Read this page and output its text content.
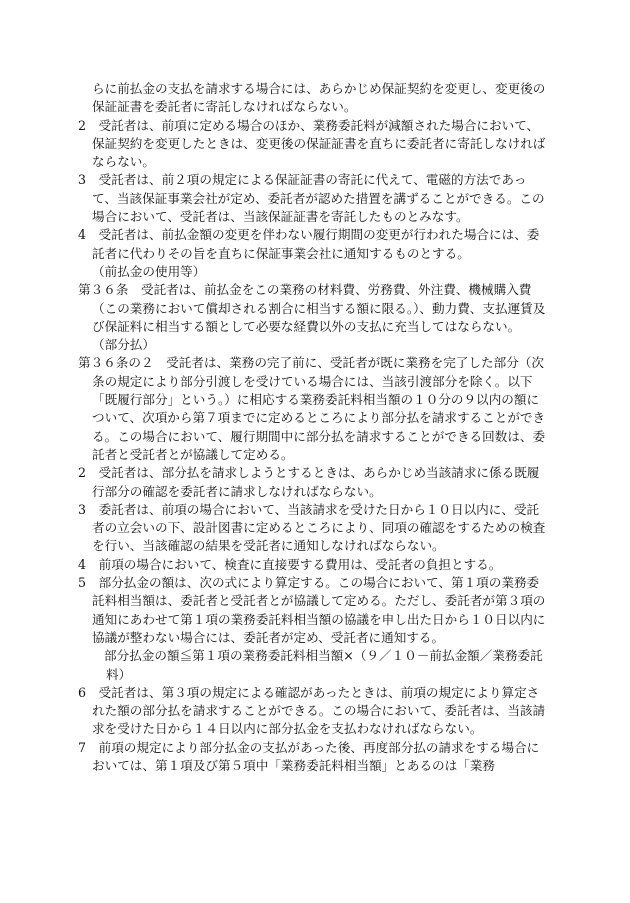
らに前払金の支払を請求する場合には、あらかじめ保証契約を変更し、変更後の保証証書を委託者に寄託しなければならない。
2　受託者は、前項に定める場合のほか、業務委託料が減額された場合において、保証契約を変更したときは、変更後の保証証書を直ちに委託者に寄託しなければならない。
3　受託者は、前２項の規定による保証証書の寄託に代えて、電磁的方法であって、当該保証事業会社が定め、委託者が認めた措置を講ずることができる。この場合において、受託者は、当該保証証書を寄託したものとみなす。
4　受託者は、前払金額の変更を伴わない履行期間の変更が行われた場合には、委託者に代わりその旨を直ちに保証事業会社に通知するものとする。
（前払金の使用等）
第３６条　受託者は、前払金をこの業務の材料費、労務費、外注費、機械購入費（この業務において償却される割合に相当する額に限る。）、動力費、支払運賃及び保証料に相当する額として必要な経費以外の支払に充当してはならない。
（部分払）
第３６条の２　受託者は、業務の完了前に、受託者が既に業務を完了した部分（次条の規定により部分引渡しを受けている場合には、当該引渡部分を除く。以下「既履行部分」という。）に相応する業務委託料相当額の１０分の９以内の額について、次項から第７項までに定めるところにより部分払を請求することができる。この場合において、履行期間中に部分払を請求することができる回数は、委託者と受託者とが協議して定める。
2　受託者は、部分払を請求しようとするときは、あらかじめ当該請求に係る既履行部分の確認を委託者に請求しなければならない。
3　委託者は、前項の場合において、当該請求を受けた日から１０日以内に、受託者の立会いの下、設計図書に定めるところにより、同項の確認をするための検査を行い、当該確認の結果を受託者に通知しなければならない。
4　前項の場合において、検査に直接要する費用は、受託者の負担とする。
5　部分払金の額は、次の式により算定する。この場合において、第１項の業務委託料相当額は、委託者と受託者とが協議して定める。ただし、委託者が第３項の通知にあわせて第１項の業務委託料相当額の協議を申し出た日から１０日以内に協議が整わない場合には、委託者が定め、受託者に通知する。
部分払金の額≦第１項の業務委託料相当額×（９／１０－前払金額／業務委託料）
6　受託者は、第３項の規定による確認があったときは、前項の規定により算定された額の部分払を請求することができる。この場合において、委託者は、当該請求を受けた日から１４日以内に部分払金を支払わなければならない。
7　前項の規定により部分払金の支払があった後、再度部分払の請求をする場合においては、第１項及び第５項中「業務委託料相当額」とあるのは「業務
